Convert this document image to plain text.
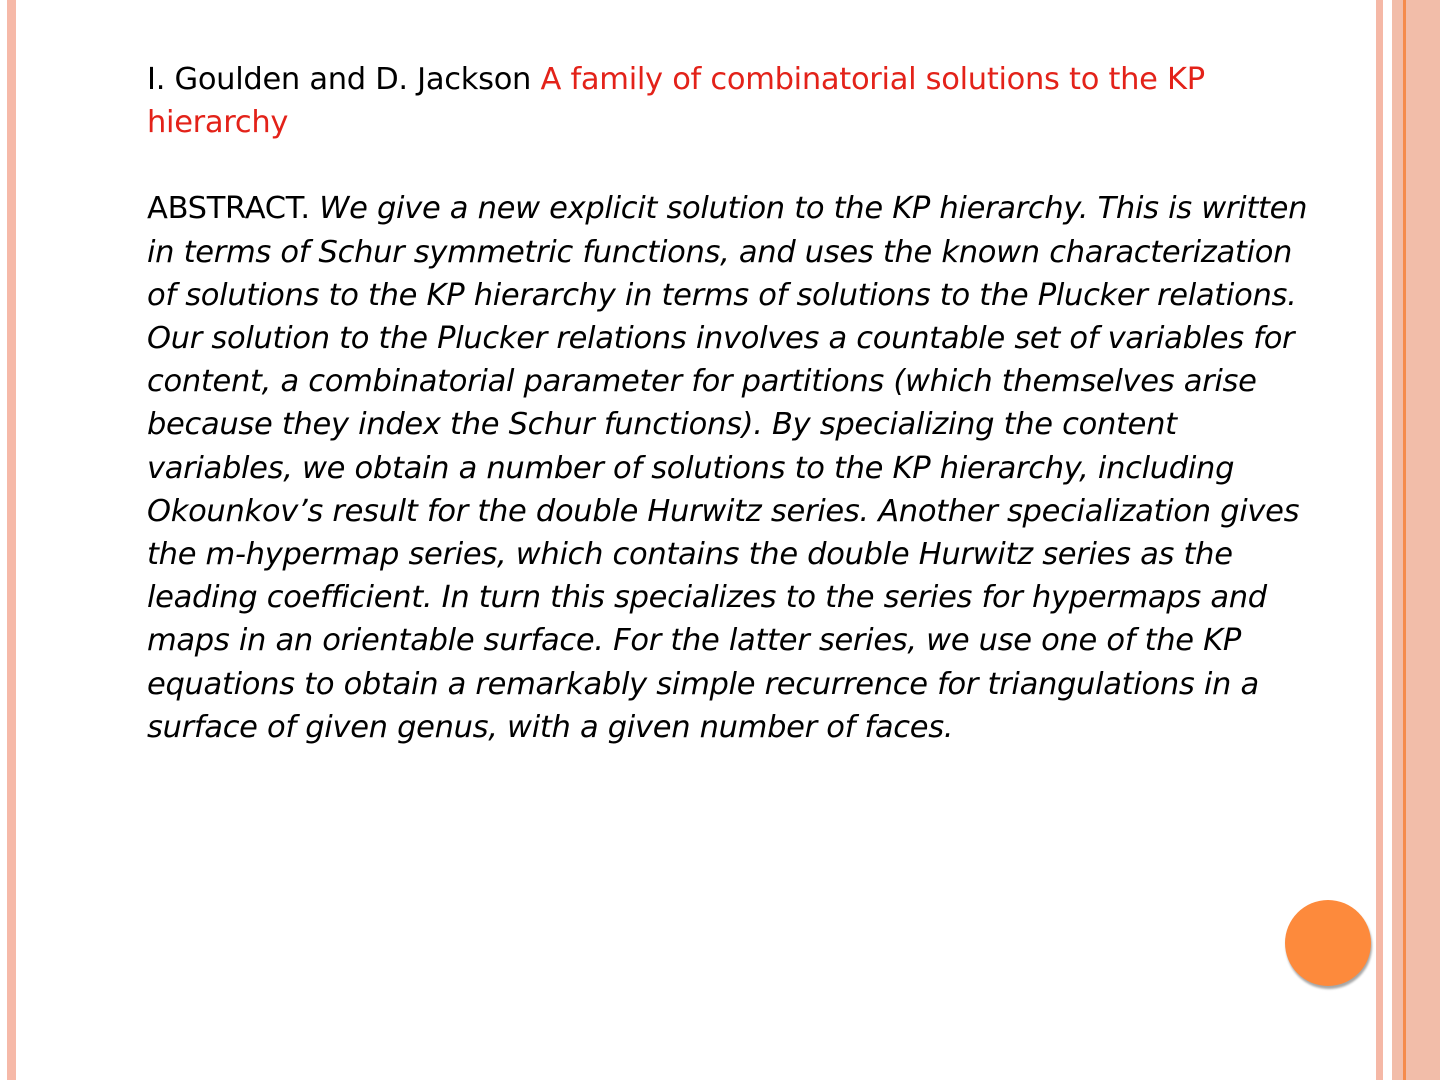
I. Goulden and D. Jackson A family of combinatorial solutions to the KP hierarchy

ABSTRACT. We give a new explicit solution to the KP hierarchy. This is written in terms of Schur symmetric functions, and uses the known characterization of solutions to the KP hierarchy in terms of solutions to the Plucker relations. Our solution to the Plucker relations involves a countable set of variables for content, a combinatorial parameter for partitions (which themselves arise because they index the Schur functions). By specializing the content variables, we obtain a number of solutions to the KP hierarchy, including Okounkov’s result for the double Hurwitz series. Another specialization gives the m-hypermap series, which contains the double Hurwitz series as the leading coefficient. In turn this specializes to the series for hypermaps and maps in an orientable surface. For the latter series, we use one of the KP equations to obtain a remarkably simple recurrence for triangulations in a surface of given genus, with a given number of faces.
